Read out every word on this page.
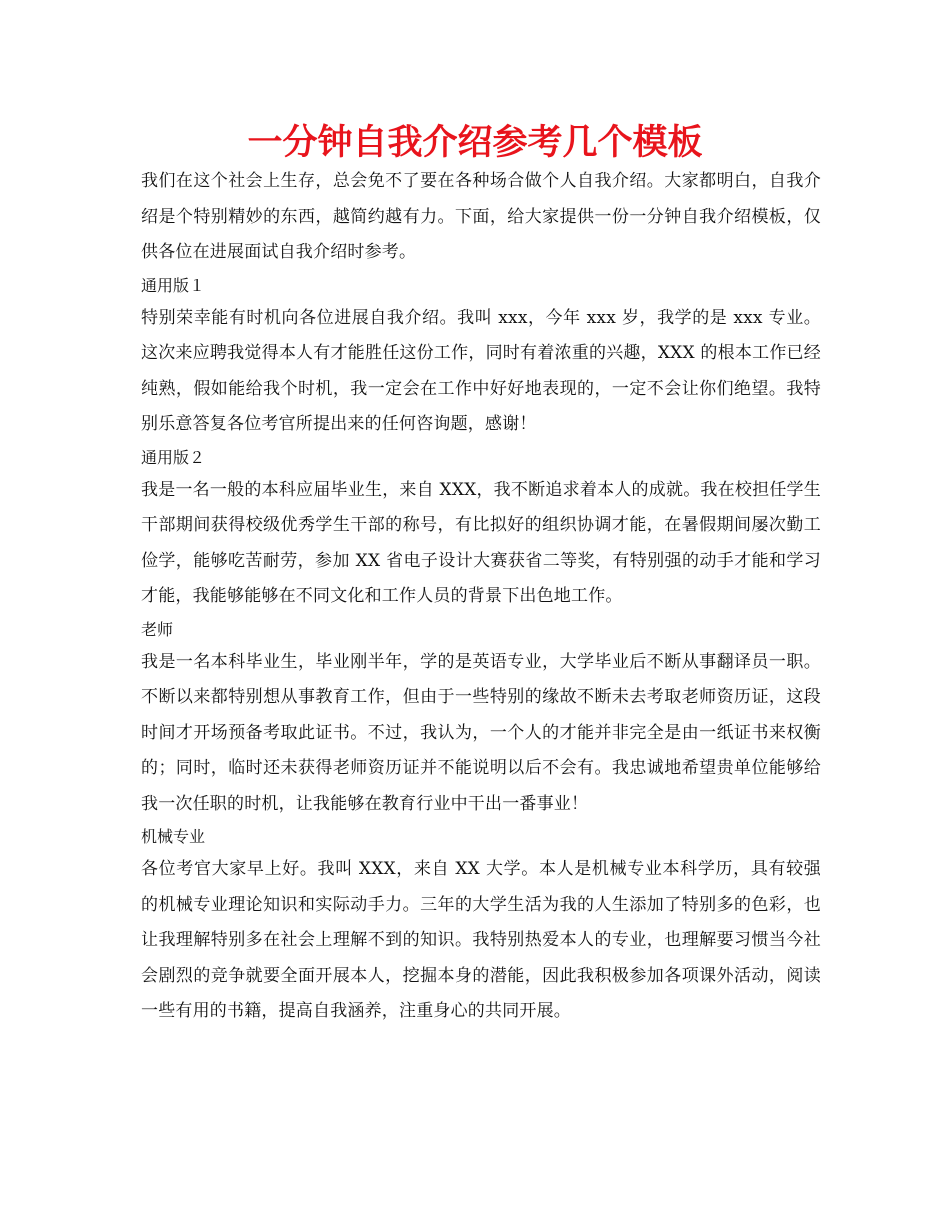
一分钟自我介绍参考几个模板

我们在这个社会上生存，总会免不了要在各种场合做个人自我介绍。大家都明白，自我介绍是个特别精妙的东西，越简约越有力。下面，给大家提供一份一分钟自我介绍模板，仅供各位在进展面试自我介绍时参考。

通用版１

特别荣幸能有时机向各位进展自我介绍。我叫 xxx，今年 xxx 岁，我学的是 xxx 专业。这次来应聘我觉得本人有才能胜任这份工作，同时有着浓重的兴趣，XXX 的根本工作已经纯熟，假如能给我个时机，我一定会在工作中好好地表现的，一定不会让你们绝望。我特别乐意答复各位考官所提出来的任何咨询题，感谢！

通用版２

我是一名一般的本科应届毕业生，来自 XXX，我不断追求着本人的成就。我在校担任学生干部期间获得校级优秀学生干部的称号，有比拟好的组织协调才能，在暑假期间屡次勤工俭学，能够吃苦耐劳，参加 XX 省电子设计大赛获省二等奖，有特别强的动手才能和学习才能，我能够能够在不同文化和工作人员的背景下出色地工作。

老师

我是一名本科毕业生，毕业刚半年，学的是英语专业，大学毕业后不断从事翻译员一职。不断以来都特别想从事教育工作，但由于一些特别的缘故不断未去考取老师资历证，这段时间才开场预备考取此证书。不过，我认为，一个人的才能并非完全是由一纸证书来权衡的；同时，临时还未获得老师资历证并不能说明以后不会有。我忠诚地希望贵单位能够给我一次任职的时机，让我能够在教育行业中干出一番事业！

机械专业

各位考官大家早上好。我叫 XXX，来自 XX 大学。本人是机械专业本科学历，具有较强的机械专业理论知识和实际动手力。三年的大学生活为我的人生添加了特别多的色彩，也让我理解特别多在社会上理解不到的知识。我特别热爱本人的专业，也理解要习惯当今社会剧烈的竞争就要全面开展本人，挖掘本身的潜能，因此我积极参加各项课外活动，阅读一些有用的书籍，提高自我涵养，注重身心的共同开展。
